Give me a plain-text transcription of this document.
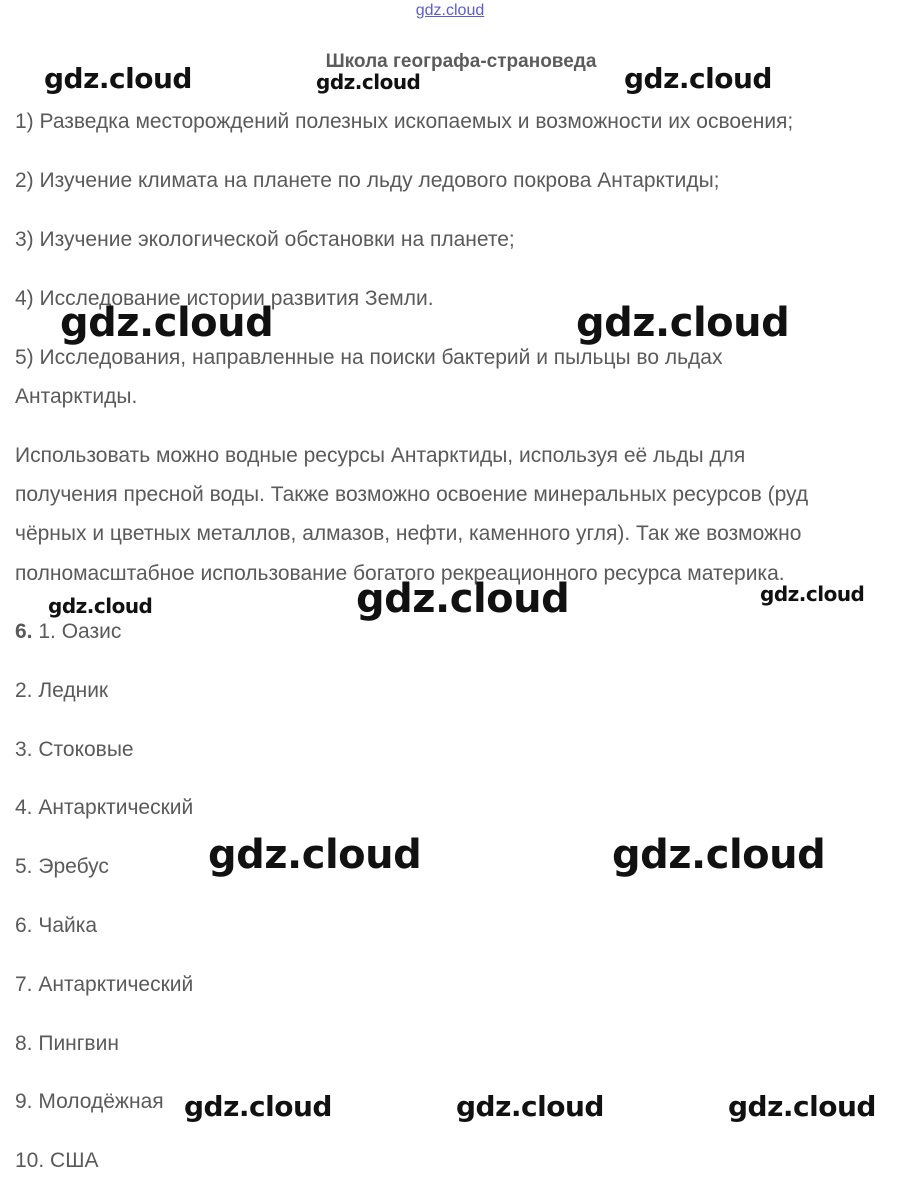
gdz.cloud
Школа географа-страноведа
1) Разведка месторождений полезных ископаемых и возможности их освоения;
2) Изучение климата на планете по льду ледового покрова Антарктиды;
3) Изучение экологической обстановки на планете;
4) Исследование истории развития Земли.
5) Исследования, направленные на поиски бактерий и пыльцы во льдах
Антарктиды.
Использовать можно водные ресурсы Антарктиды, используя её льды для
получения пресной воды. Также возможно освоение минеральных ресурсов (руд
чёрных и цветных металлов, алмазов, нефти, каменного угля). Так же возможно
полномасштабное использование богатого рекреационного ресурса материка.
6. 1. Оазис
2. Ледник
3. Стоковые
4. Антарктический
5. Эребус
6. Чайка
7. Антарктический
8. Пингвин
9. Молодёжная
10. США
gdz.cloud	gdz.cloud	gdz.cloud
gdz.cloud	gdz.cloud
gdz.cloud	gdz.cloud	gdz.cloud
gdz.cloud	gdz.cloud
gdz.cloud	gdz.cloud	gdz.cloud
